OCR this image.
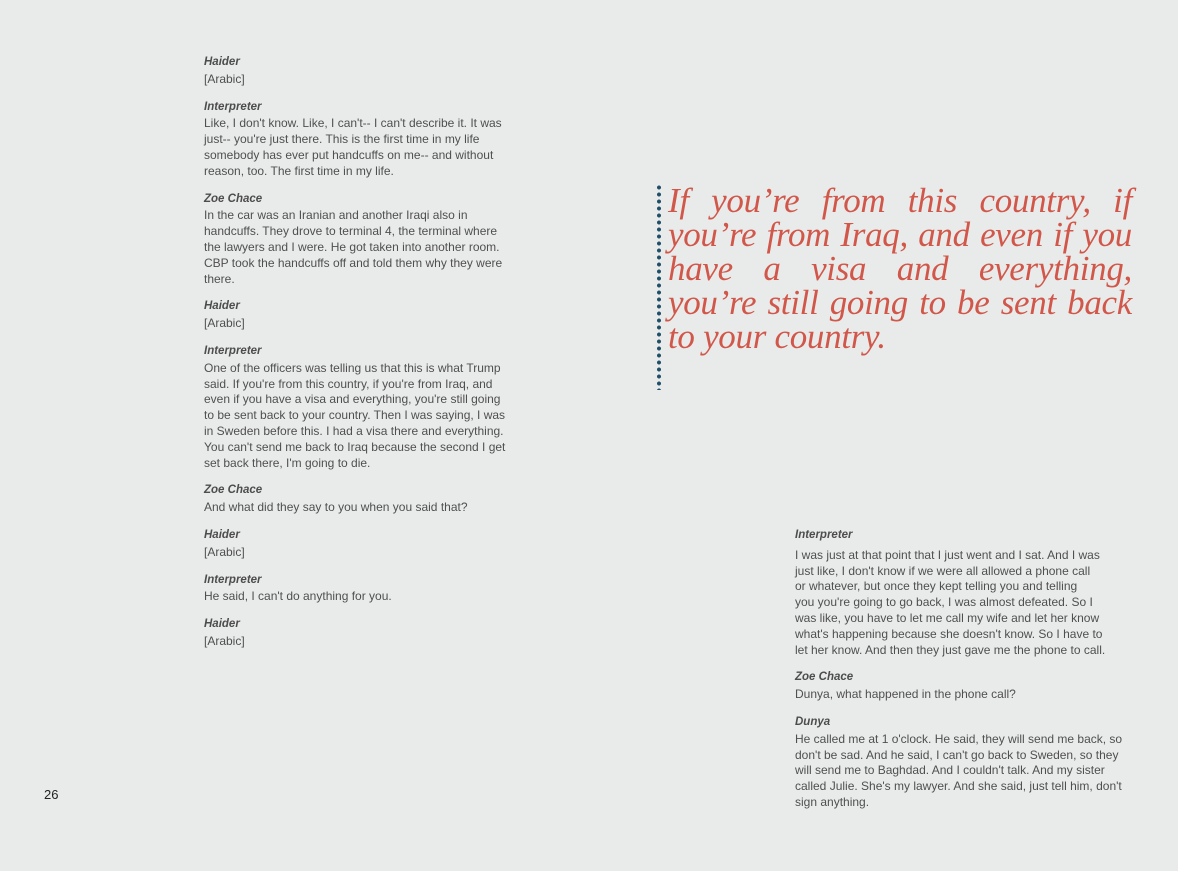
Haider
[Arabic]
Interpreter
Like, I don't know. Like, I can't-- I can't describe it. It was
just-- you're just there. This is the first time in my life
somebody has ever put handcuffs on me-- and without
reason, too. The first time in my life.
Zoe Chace
In the car was an Iranian and another Iraqi also in
handcuffs. They drove to terminal 4, the terminal where
the lawyers and I were. He got taken into another room.
CBP took the handcuffs off and told them why they were
there.
Haider
[Arabic]
Interpreter
One of the officers was telling us that this is what Trump
said. If you're from this country, if you're from Iraq, and
even if you have a visa and everything, you're still going
to be sent back to your country. Then I was saying, I was
in Sweden before this. I had a visa there and everything.
You can't send me back to Iraq because the second I get
set back there, I'm going to die.
Zoe Chace
And what did they say to you when you said that?
Haider
[Arabic]
Interpreter
He said, I can't do anything for you.
Haider
[Arabic]

If you’re from this country, if you’re from Iraq, and even if you have a visa and everything, you’re still going to be sent back to your country.

Interpreter
I was just at that point that I just went and I sat. And I was
just like, I don't know if we were all allowed a phone call
or whatever, but once they kept telling you and telling
you you're going to go back, I was almost defeated. So I
was like, you have to let me call my wife and let her know
what's happening because she doesn't know. So I have to
let her know. And then they just gave me the phone to call.
Zoe Chace
Dunya, what happened in the phone call?
Dunya
He called me at 1 o'clock. He said, they will send me back, so
don't be sad. And he said, I can't go back to Sweden, so they
will send me to Baghdad. And I couldn't talk. And my sister
called Julie. She's my lawyer. And she said, just tell him, don't
sign anything.
26
